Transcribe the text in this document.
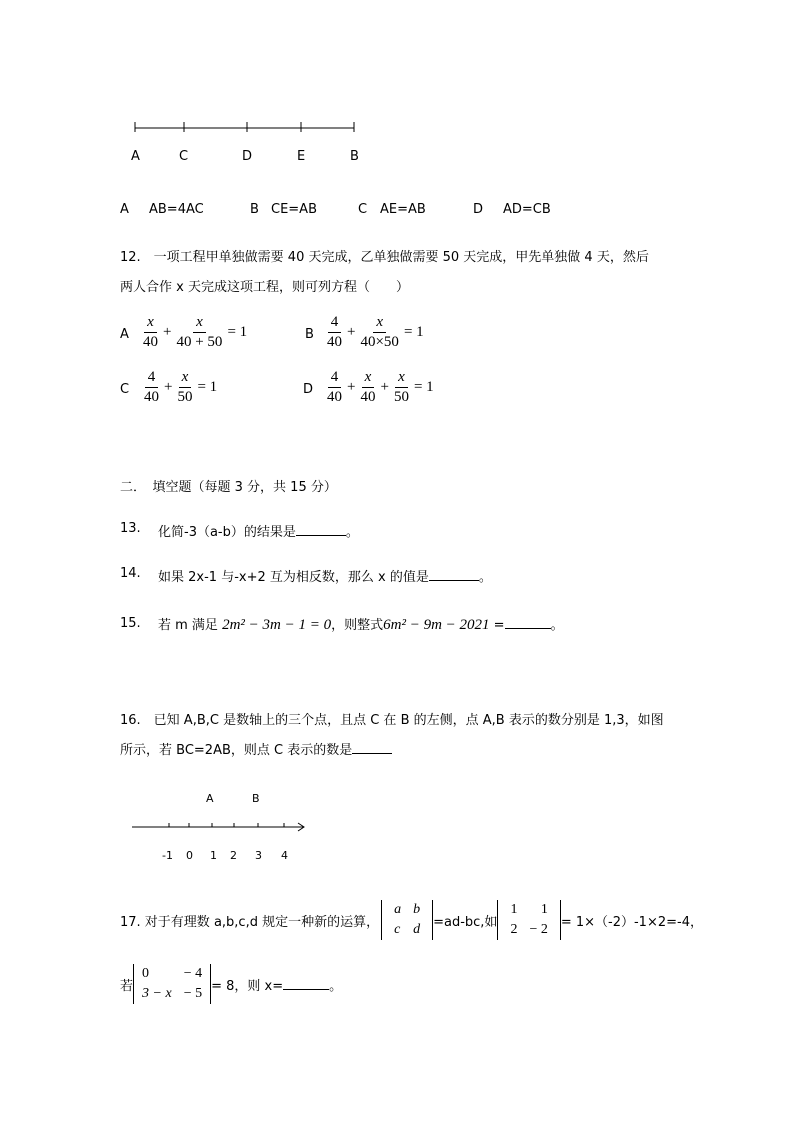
A	C	D	E	B
A AB=4AC	B CE=AB	C AE=AB	D AD=CB
12.　一项工程甲单独做需要 40 天完成，乙单独做需要 50 天完成，甲先单独做 4 天，然后
两人合作 x 天完成这项工程，则可列方程（　　）
A $\frac{x}{40} + \frac{x}{40 + 50} = 1$	B $\frac{4}{40} + \frac{x}{40\times 50} = 1$
C $\frac{4}{40} + \frac{x}{50} = 1$	D $\frac{4}{40} + \frac{x}{40} + \frac{x}{50} = 1$
二．　填空题（每题 3 分，共 15 分）
13. 化简-3（a-b）的结果是	。
14. 如果 2x-1 与-x+2 互为相反数，那么 x 的值是	。
15. 若 m 满足 2m² − 3m − 1 = 0，则整式6m² − 9m − 2021 =	。
16.　已知 A,B,C 是数轴上的三个点，且点 C 在 B 的左侧，点 A,B 表示的数分别是 1,3，如图
所示，若 BC=2AB，则点 C 表示的数是
A	B
-1 0 1 2 3 4
17. 对于有理数 a,b,c,d 规定一种新的运算，
a	b
c	d =ad-bc,如
1	1
2	− 2 = 1×（-2）-1×2=-4，
若
0	− 4
3 − x	− 5 = 8，则 x=	。
